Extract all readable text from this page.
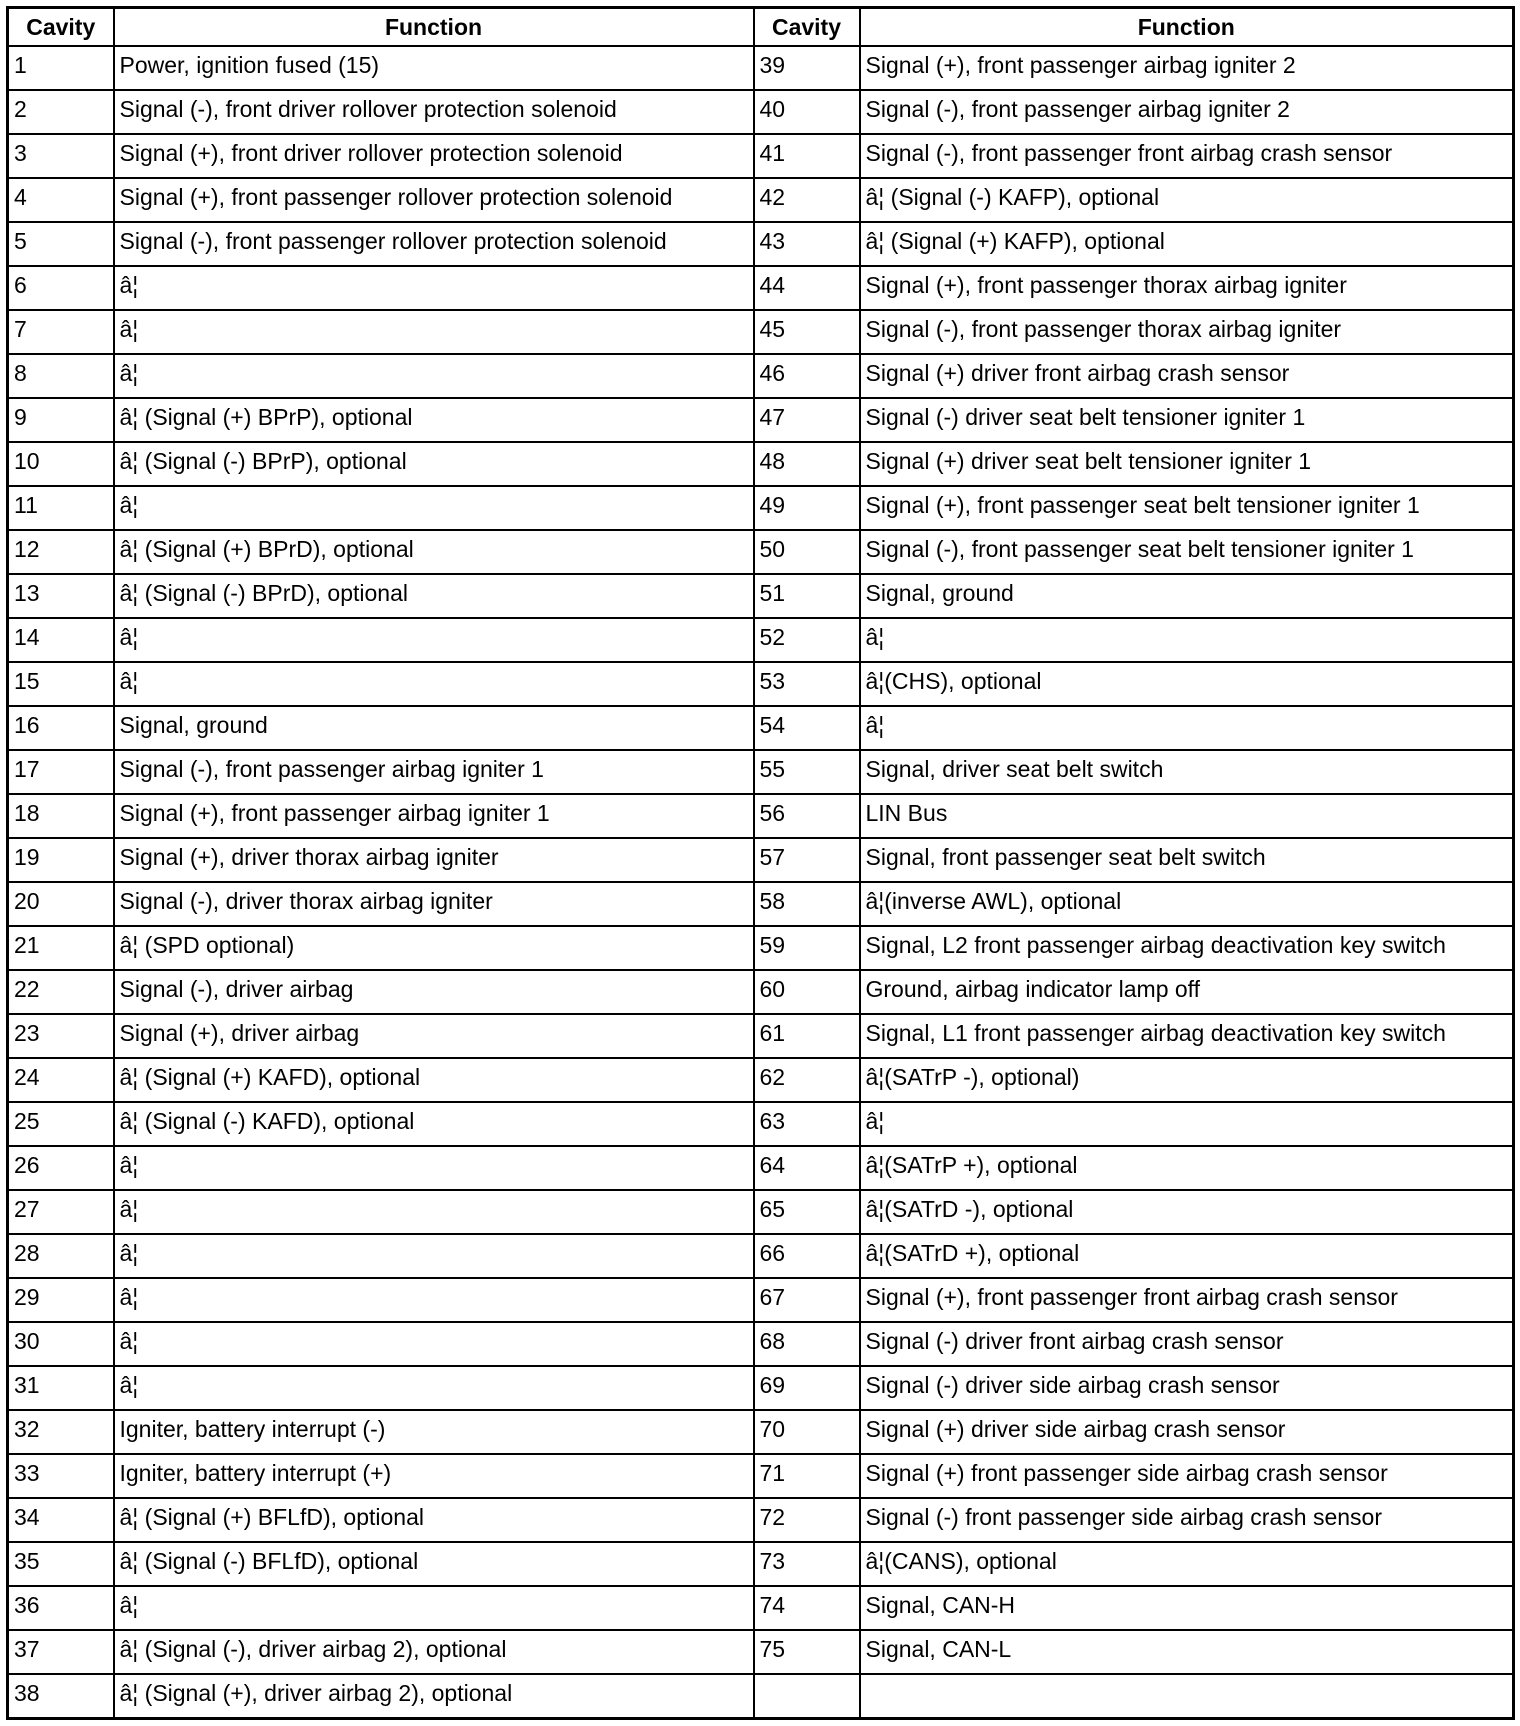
Cavity	Function	Cavity	Function
1	Power, ignition fused (15)	39	Signal (+), front passenger airbag igniter 2
2	Signal (-), front driver rollover protection solenoid	40	Signal (-), front passenger airbag igniter 2
3	Signal (+), front driver rollover protection solenoid	41	Signal (-), front passenger front airbag crash sensor
4	Signal (+), front passenger rollover protection solenoid	42	â¦ (Signal (-) KAFP), optional
5	Signal (-), front passenger rollover protection solenoid	43	â¦ (Signal (+) KAFP), optional
6	â¦	44	Signal (+), front passenger thorax airbag igniter
7	â¦	45	Signal (-), front passenger thorax airbag igniter
8	â¦	46	Signal (+) driver front airbag crash sensor
9	â¦ (Signal (+) BPrP), optional	47	Signal (-) driver seat belt tensioner igniter 1
10	â¦ (Signal (-) BPrP), optional	48	Signal (+) driver seat belt tensioner igniter 1
11	â¦	49	Signal (+), front passenger seat belt tensioner igniter 1
12	â¦ (Signal (+) BPrD), optional	50	Signal (-), front passenger seat belt tensioner igniter 1
13	â¦ (Signal (-) BPrD), optional	51	Signal, ground
14	â¦	52	â¦
15	â¦	53	â¦(CHS), optional
16	Signal, ground	54	â¦
17	Signal (-), front passenger airbag igniter 1	55	Signal, driver seat belt switch
18	Signal (+), front passenger airbag igniter 1	56	LIN Bus
19	Signal (+), driver thorax airbag igniter	57	Signal, front passenger seat belt switch
20	Signal (-), driver thorax airbag igniter	58	â¦(inverse AWL), optional
21	â¦ (SPD optional)	59	Signal, L2 front passenger airbag deactivation key switch
22	Signal (-), driver airbag	60	Ground, airbag indicator lamp off
23	Signal (+), driver airbag	61	Signal, L1 front passenger airbag deactivation key switch
24	â¦ (Signal (+) KAFD), optional	62	â¦(SATrP -), optional)
25	â¦ (Signal (-) KAFD), optional	63	â¦
26	â¦	64	â¦(SATrP +), optional
27	â¦	65	â¦(SATrD -), optional
28	â¦	66	â¦(SATrD +), optional
29	â¦	67	Signal (+), front passenger front airbag crash sensor
30	â¦	68	Signal (-) driver front airbag crash sensor
31	â¦	69	Signal (-) driver side airbag crash sensor
32	Igniter, battery interrupt (-)	70	Signal (+) driver side airbag crash sensor
33	Igniter, battery interrupt (+)	71	Signal (+) front passenger side airbag crash sensor
34	â¦ (Signal (+) BFLfD), optional	72	Signal (-) front passenger side airbag crash sensor
35	â¦ (Signal (-) BFLfD), optional	73	â¦(CANS), optional
36	â¦	74	Signal, CAN-H
37	â¦ (Signal (-), driver airbag 2), optional	75	Signal, CAN-L
38	â¦ (Signal (+), driver airbag 2), optional		
